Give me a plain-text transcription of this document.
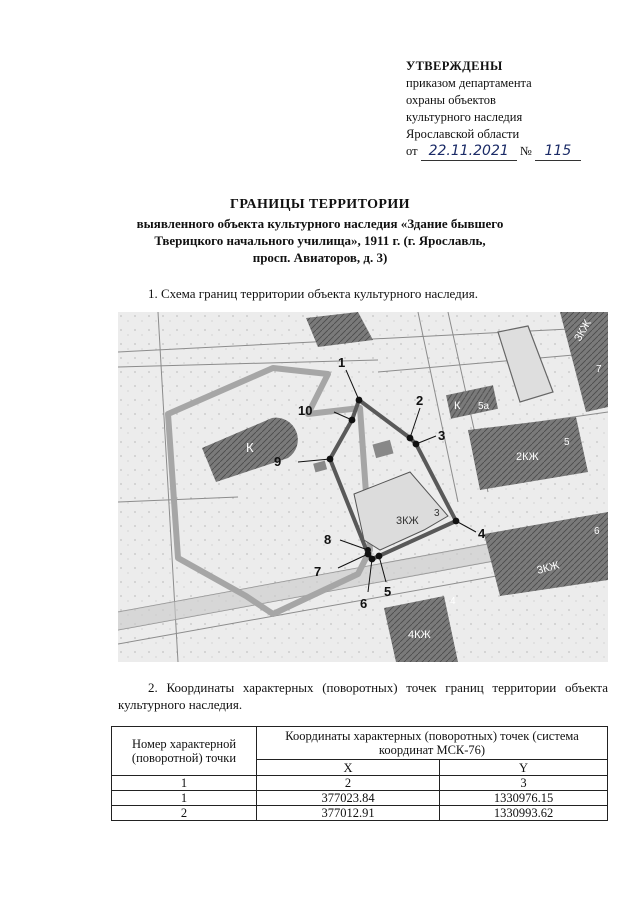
УТВЕРЖДЕНЫ
приказом департамента
охраны объектов
культурного наследия
Ярославской области
от 22.11.2021 № 115
ГРАНИЦЫ ТЕРРИТОРИИ
выявленного объекта культурного наследия «Здание бывшего
Тверицкого начального училища», 1911 г. (г. Ярославль,
просп. Авиаторов, д. 3)
1. Схема границ территории объекта культурного наследия.
К
К 5а
3КЖ
7
2КЖ
5
3КЖ
6
4КЖ
4
3КЖ
3
1
2
3
4
5
6
7
8
9
10
2. Координаты характерных (поворотных) точек границ территории объекта культурного наследия.
Номер характерной (поворотной) точки	Координаты характерных (поворотных) точек (система координат МСК-76)	
	X	Y
1	2	3
1	377023.84	1330976.15
2	377012.91	1330993.62
